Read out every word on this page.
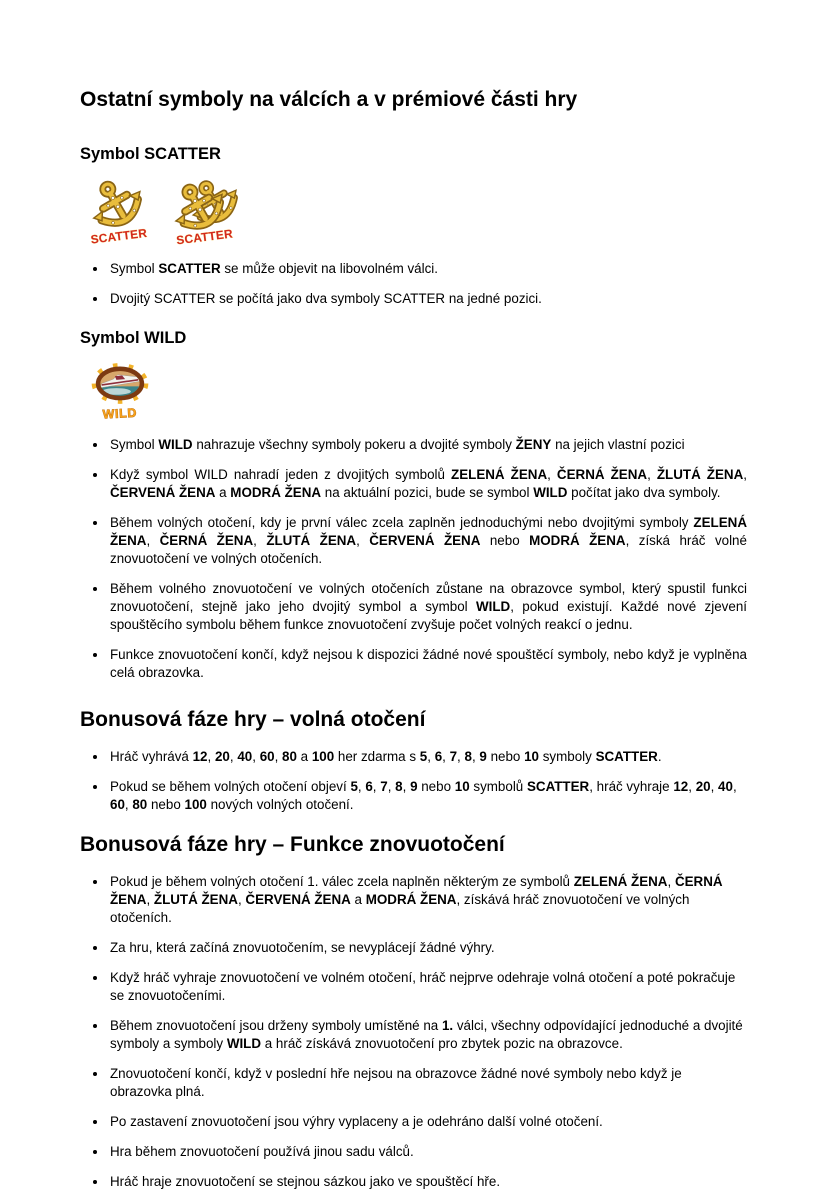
Ostatní symboly na válcích a v prémiové části hry
Symbol SCATTER
SCATTER SCATTER
• Symbol SCATTER se může objevit na libovolném válci.
• Dvojitý SCATTER se počítá jako dva symboly SCATTER na jedné pozici.
Symbol WILD
WILD
• Symbol WILD nahrazuje všechny symboly pokeru a dvojité symboly ŽENY na jejich vlastní pozici
• Když symbol WILD nahradí jeden z dvojitých symbolů ZELENÁ ŽENA, ČERNÁ ŽENA, ŽLUTÁ ŽENA, ČERVENÁ ŽENA a MODRÁ ŽENA na aktuální pozici, bude se symbol WILD počítat jako dva symboly.
• Během volných otočení, kdy je první válec zcela zaplněn jednoduchými nebo dvojitými symboly ZELENÁ ŽENA, ČERNÁ ŽENA, ŽLUTÁ ŽENA, ČERVENÁ ŽENA nebo MODRÁ ŽENA, získá hráč volné znovuotočení ve volných otočeních.
• Během volného znovuotočení ve volných otočeních zůstane na obrazovce symbol, který spustil funkci znovuotočení, stejně jako jeho dvojitý symbol a symbol WILD, pokud existují. Každé nové zjevení spouštěcího symbolu během funkce znovuotočení zvyšuje počet volných reakcí o jednu.
• Funkce znovuotočení končí, když nejsou k dispozici žádné nové spouštěcí symboly, nebo když je vyplněna celá obrazovka.
Bonusová fáze hry – volná otočení
• Hráč vyhrává 12, 20, 40, 60, 80 a 100 her zdarma s 5, 6, 7, 8, 9 nebo 10 symboly SCATTER.
• Pokud se během volných otočení objeví 5, 6, 7, 8, 9 nebo 10 symbolů SCATTER, hráč vyhraje 12, 20, 40, 60, 80 nebo 100 nových volných otočení.
Bonusová fáze hry – Funkce znovuotočení
• Pokud je během volných otočení 1. válec zcela naplněn některým ze symbolů ZELENÁ ŽENA, ČERNÁ ŽENA, ŽLUTÁ ŽENA, ČERVENÁ ŽENA a MODRÁ ŽENA, získává hráč znovuotočení ve volných otočeních.
• Za hru, která začíná znovuotočením, se nevyplácejí žádné výhry.
• Když hráč vyhraje znovuotočení ve volném otočení, hráč nejprve odehraje volná otočení a poté pokračuje se znovuotočeními.
• Během znovuotočení jsou drženy symboly umístěné na 1. válci, všechny odpovídající jednoduché a dvojité symboly a symboly WILD a hráč získává znovuotočení pro zbytek pozic na obrazovce.
• Znovuotočení končí, když v poslední hře nejsou na obrazovce žádné nové symboly nebo když je obrazovka plná.
• Po zastavení znovuotočení jsou výhry vyplaceny a je odehráno další volné otočení.
• Hra během znovuotočení používá jinou sadu válců.
• Hráč hraje znovuotočení se stejnou sázkou jako ve spouštěcí hře.
